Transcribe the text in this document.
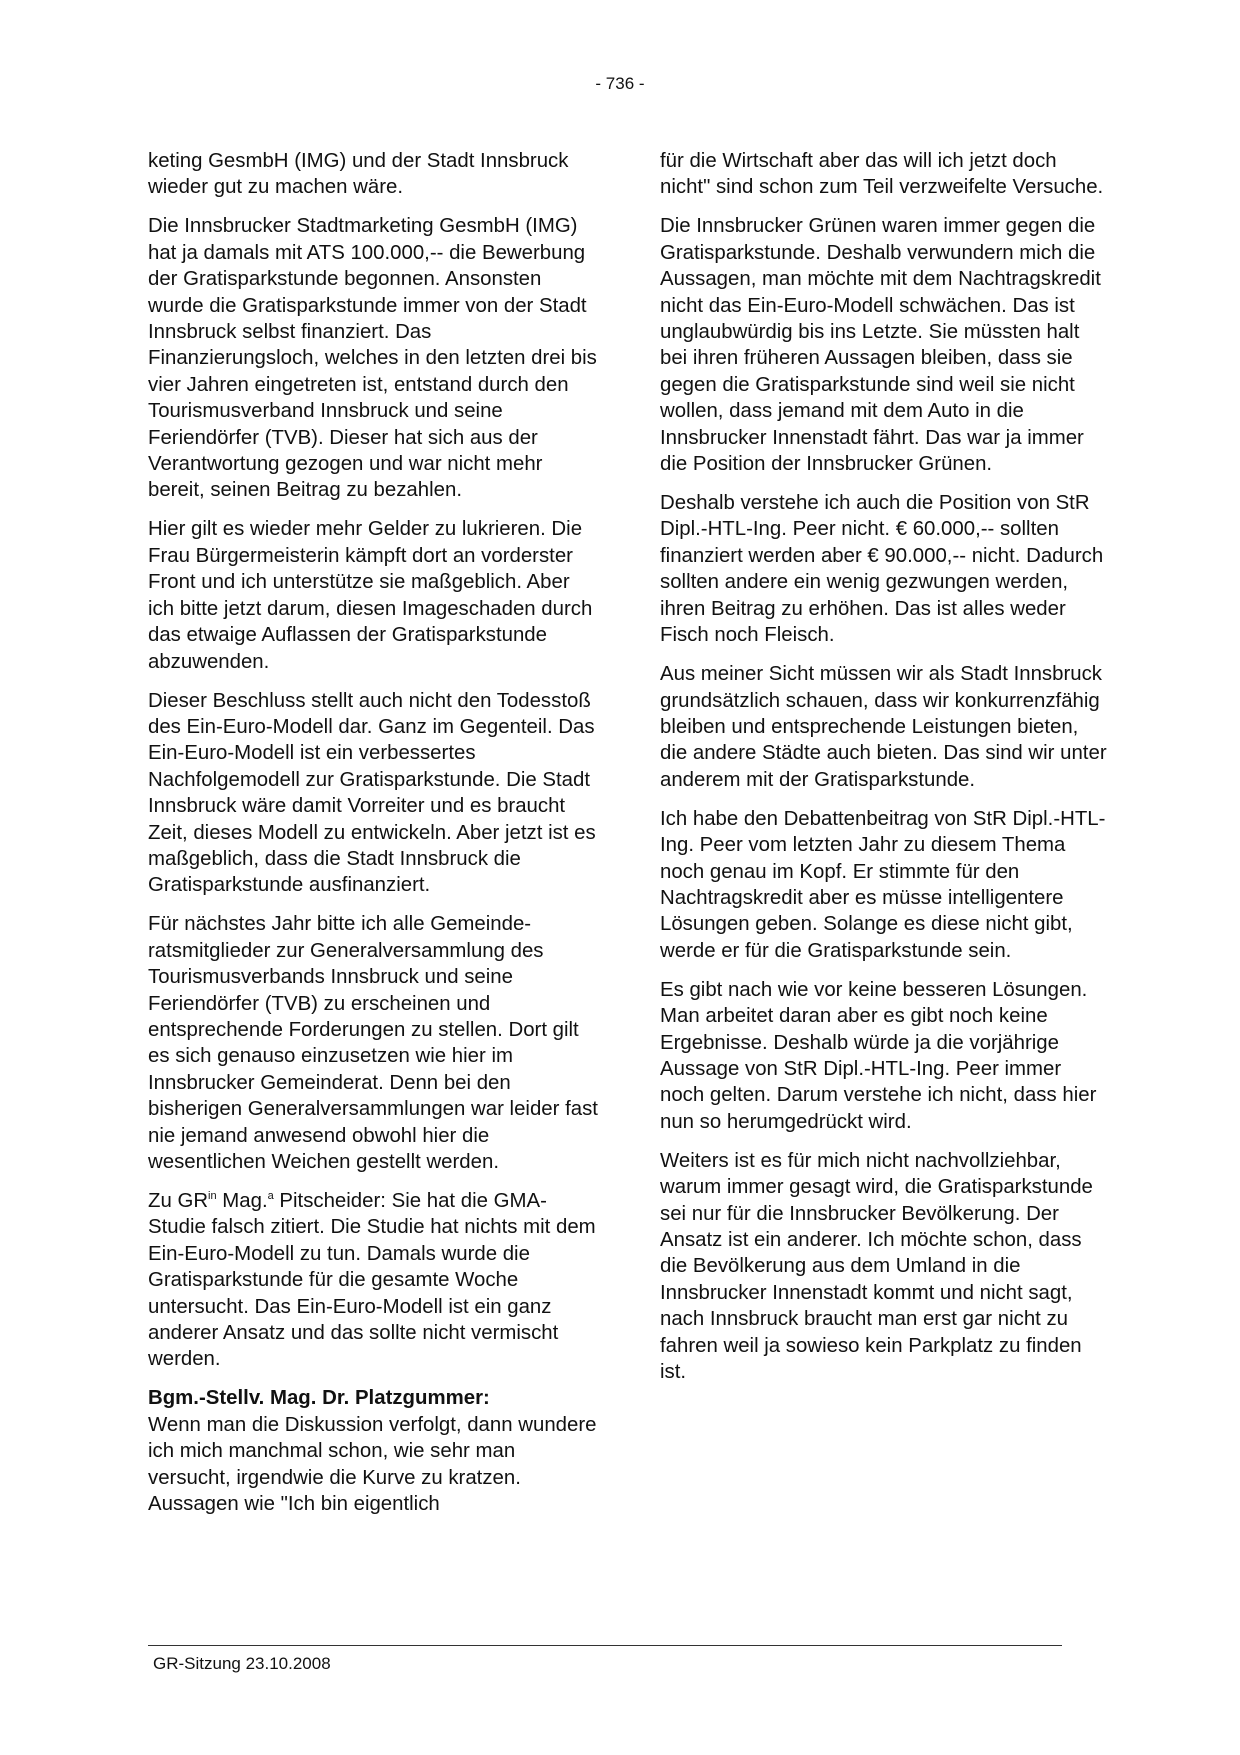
- 736 -

keting GesmbH (IMG) und der Stadt Innsbruck wieder gut zu machen wäre.

Die Innsbrucker Stadtmarketing GesmbH (IMG) hat ja damals mit ATS 100.000,-- die Bewerbung der Gratisparkstunde begonnen. Ansonsten wurde die Gratisparkstunde immer von der Stadt Innsbruck selbst finanziert. Das Finanzierungsloch, welches in den letzten drei bis vier Jahren eingetreten ist, entstand durch den Tourismusverband Innsbruck und seine Feriendörfer (TVB). Dieser hat sich aus der Verantwortung gezogen und war nicht mehr bereit, seinen Beitrag zu bezahlen.

Hier gilt es wieder mehr Gelder zu lukrieren. Die Frau Bürgermeisterin kämpft dort an vorderster Front und ich unterstütze sie maßgeblich. Aber ich bitte jetzt darum, diesen Imageschaden durch das etwaige Auflassen der Gratisparkstunde abzuwenden.

Dieser Beschluss stellt auch nicht den Todesstoß des Ein-Euro-Modell dar. Ganz im Gegenteil. Das Ein-Euro-Modell ist ein verbessertes Nachfolgemodell zur Gratisparkstunde. Die Stadt Innsbruck wäre damit Vorreiter und es braucht Zeit, dieses Modell zu entwickeln. Aber jetzt ist es maßgeblich, dass die Stadt Innsbruck die Gratisparkstunde ausfinanziert.

Für nächstes Jahr bitte ich alle Gemeinderatsmitglieder zur Generalversammlung des Tourismusverbands Innsbruck und seine Feriendörfer (TVB) zu erscheinen und entsprechende Forderungen zu stellen. Dort gilt es sich genauso einzusetzen wie hier im Innsbrucker Gemeinderat. Denn bei den bisherigen Generalversammlungen war leider fast nie jemand anwesend obwohl hier die wesentlichen Weichen gestellt werden.

Zu $GR^{in}$ Mag.$^a$ Pitscheider: Sie hat die GMA-Studie falsch zitiert. Die Studie hat nichts mit dem Ein-Euro-Modell zu tun. Damals wurde die Gratisparkstunde für die gesamte Woche untersucht. Das Ein-Euro-Modell ist ein ganz anderer Ansatz und das sollte nicht vermischt werden.

Bgm.-Stellv. Mag. Dr. Platzgummer:
Wenn man die Diskussion verfolgt, dann wundere ich mich manchmal schon, wie sehr man versucht, irgendwie die Kurve zu kratzen. Aussagen wie "Ich bin eigentlich

für die Wirtschaft aber das will ich jetzt doch nicht" sind schon zum Teil verzweifelte Versuche.

Die Innsbrucker Grünen waren immer gegen die Gratisparkstunde. Deshalb verwundern mich die Aussagen, man möchte mit dem Nachtragskredit nicht das Ein-Euro-Modell schwächen. Das ist unglaubwürdig bis ins Letzte. Sie müssten halt bei ihren früheren Aussagen bleiben, dass sie gegen die Gratisparkstunde sind weil sie nicht wollen, dass jemand mit dem Auto in die Innsbrucker Innenstadt fährt. Das war ja immer die Position der Innsbrucker Grünen.

Deshalb verstehe ich auch die Position von StR Dipl.-HTL-Ing. Peer nicht. € 60.000,-- sollten finanziert werden aber € 90.000,-- nicht. Dadurch sollten andere ein wenig gezwungen werden, ihren Beitrag zu erhöhen. Das ist alles weder Fisch noch Fleisch.

Aus meiner Sicht müssen wir als Stadt Innsbruck grundsätzlich schauen, dass wir konkurrenzfähig bleiben und entsprechende Leistungen bieten, die andere Städte auch bieten. Das sind wir unter anderem mit der Gratisparkstunde.

Ich habe den Debattenbeitrag von StR Dipl.-HTL-Ing. Peer vom letzten Jahr zu diesem Thema noch genau im Kopf. Er stimmte für den Nachtragskredit aber es müsse intelligentere Lösungen geben. Solange es diese nicht gibt, werde er für die Gratisparkstunde sein.

Es gibt nach wie vor keine besseren Lösungen. Man arbeitet daran aber es gibt noch keine Ergebnisse. Deshalb würde ja die vorjährige Aussage von StR Dipl.-HTL-Ing. Peer immer noch gelten. Darum verstehe ich nicht, dass hier nun so herumgedrückt wird.

Weiters ist es für mich nicht nachvollziehbar, warum immer gesagt wird, die Gratisparkstunde sei nur für die Innsbrucker Bevölkerung. Der Ansatz ist ein anderer. Ich möchte schon, dass die Bevölkerung aus dem Umland in die Innsbrucker Innenstadt kommt und nicht sagt, nach Innsbruck braucht man erst gar nicht zu fahren weil ja sowieso kein Parkplatz zu finden ist.

GR-Sitzung 23.10.2008
